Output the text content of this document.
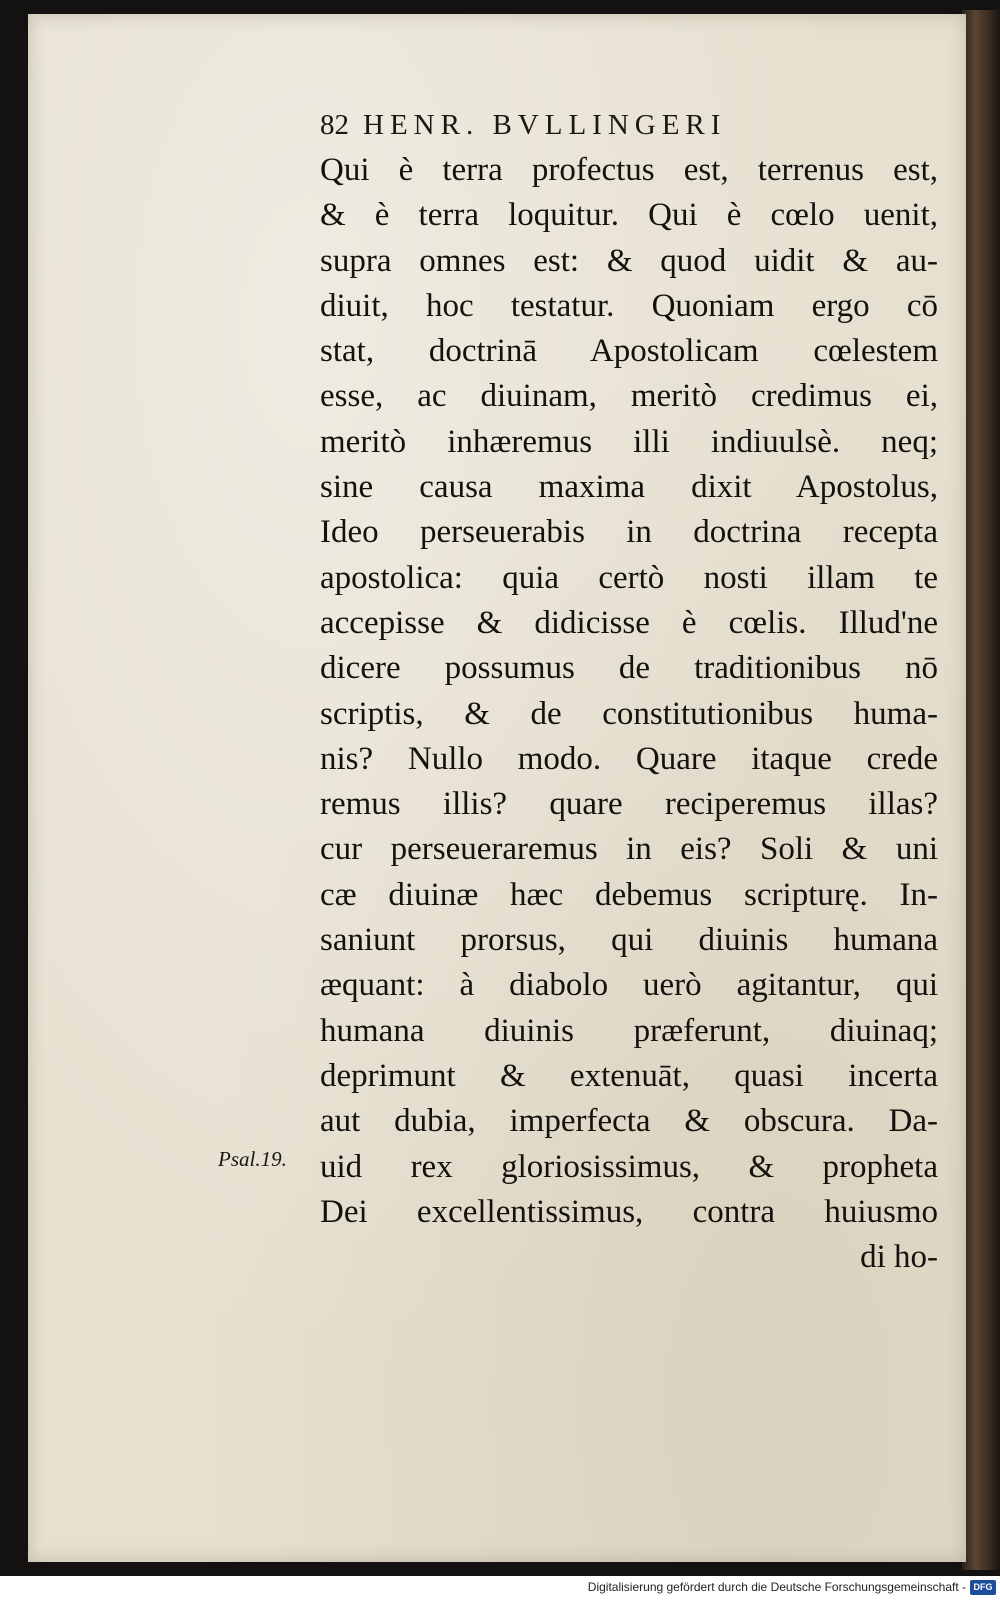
82 HENR. BVLLINGERI
Psal.19.
Qui è terra profectus est, terrenus est,
& è terra loquitur. Qui è cœlo uenit,
supra omnes est: & quod uidit & au-
diuit, hoc testatur. Quoniam ergo cō
stat, doctrinā Apostolicam cœlestem
esse, ac diuinam, meritò credimus ei,
meritò inhæremus illi indiuulsè. neq;
sine causa maxima dixit Apostolus,
Ideo perseuerabis in doctrina recepta
apostolica: quia certò nosti illam te
accepisse & didicisse è cœlis. Illud'ne
dicere possumus de traditionibus nō
scriptis, & de constitutionibus huma-
nis? Nullo modo. Quare itaque crede
remus illis? quare reciperemus illas?
cur perseueraremus in eis? Soli & uni
cæ diuinæ hæc debemus scripturę. In-
saniunt prorsus, qui diuinis humana
æquant: à diabolo uerò agitantur, qui
humana diuinis præferunt, diuinaq;
deprimunt & extenuāt, quasi incerta
aut dubia, imperfecta & obscura. Da-
uid rex gloriosissimus, & propheta
Dei excellentissimus, contra huiusmo
di ho-
Digitalisierung gefördert durch die Deutsche Forschungsgemeinschaft - DFG
